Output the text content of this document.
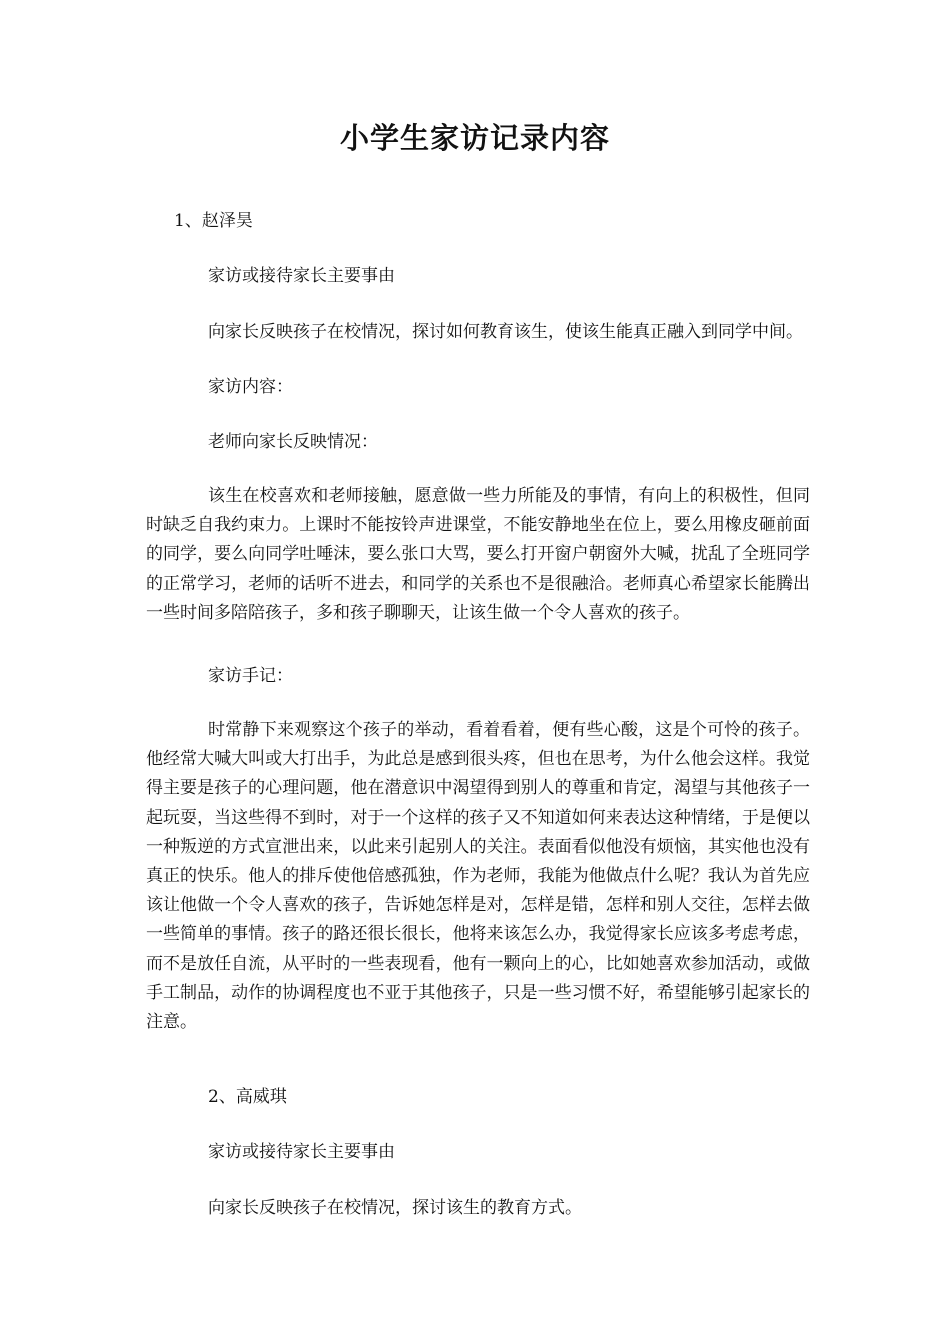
小学生家访记录内容

1、赵泽昊

家访或接待家长主要事由

向家长反映孩子在校情况，探讨如何教育该生，使该生能真正融入到同学中间。

家访内容：

老师向家长反映情况：

该生在校喜欢和老师接触，愿意做一些力所能及的事情，有向上的积极性，但同时缺乏自我约束力。上课时不能按铃声进课堂，不能安静地坐在位上，要么用橡皮砸前面的同学，要么向同学吐唾沫，要么张口大骂，要么打开窗户朝窗外大喊，扰乱了全班同学的正常学习，老师的话听不进去，和同学的关系也不是很融洽。老师真心希望家长能腾出一些时间多陪陪孩子，多和孩子聊聊天，让该生做一个令人喜欢的孩子。

家访手记：

时常静下来观察这个孩子的举动，看着看着，便有些心酸，这是个可怜的孩子。他经常大喊大叫或大打出手，为此总是感到很头疼，但也在思考，为什么他会这样。我觉得主要是孩子的心理问题，他在潜意识中渴望得到别人的尊重和肯定，渴望与其他孩子一起玩耍，当这些得不到时，对于一个这样的孩子又不知道如何来表达这种情绪，于是便以一种叛逆的方式宣泄出来，以此来引起别人的关注。表面看似他没有烦恼，其实他也没有真正的快乐。他人的排斥使他倍感孤独，作为老师，我能为他做点什么呢？我认为首先应该让他做一个令人喜欢的孩子，告诉她怎样是对，怎样是错，怎样和别人交往，怎样去做一些简单的事情。孩子的路还很长很长，他将来该怎么办，我觉得家长应该多考虑考虑，而不是放任自流，从平时的一些表现看，他有一颗向上的心，比如她喜欢参加活动，或做手工制品，动作的协调程度也不亚于其他孩子，只是一些习惯不好，希望能够引起家长的注意。

2、高威琪

家访或接待家长主要事由

向家长反映孩子在校情况，探讨该生的教育方式。
